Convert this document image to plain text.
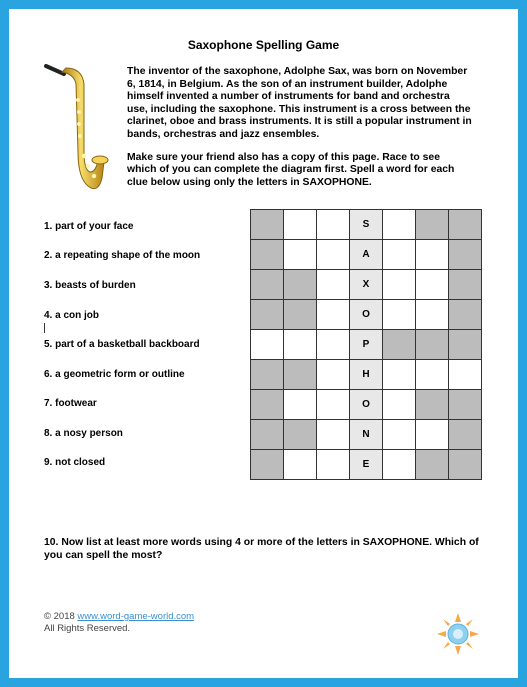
Saxophone Spelling Game

The inventor of the saxophone, Adolphe Sax, was born on November 6, 1814, in Belgium. As the son of an instrument builder, Adolphe himself invented a number of instruments for band and orchestra use, including the saxophone. This instrument is a cross between the clarinet, oboe and brass instruments. It is still a popular instrument in bands, orchestras and jazz ensembles.

Make sure your friend also has a copy of this page. Race to see which of you can complete the diagram first. Spell a word for each clue below using only the letters in SAXOPHONE.

1. part of your face
2. a repeating shape of the moon
3. beasts of burden
4. a con job
5. part of a basketball backboard
6. a geometric form or outline
7. footwear
8. a nosy person
9. not closed
S
A
X
O
P
H
O
N
E
10. Now list at least more words using 4 or more of the letters in SAXOPHONE. Which of you can spell the most?
© 2018 www.word-game-world.com
All Rights Reserved.
